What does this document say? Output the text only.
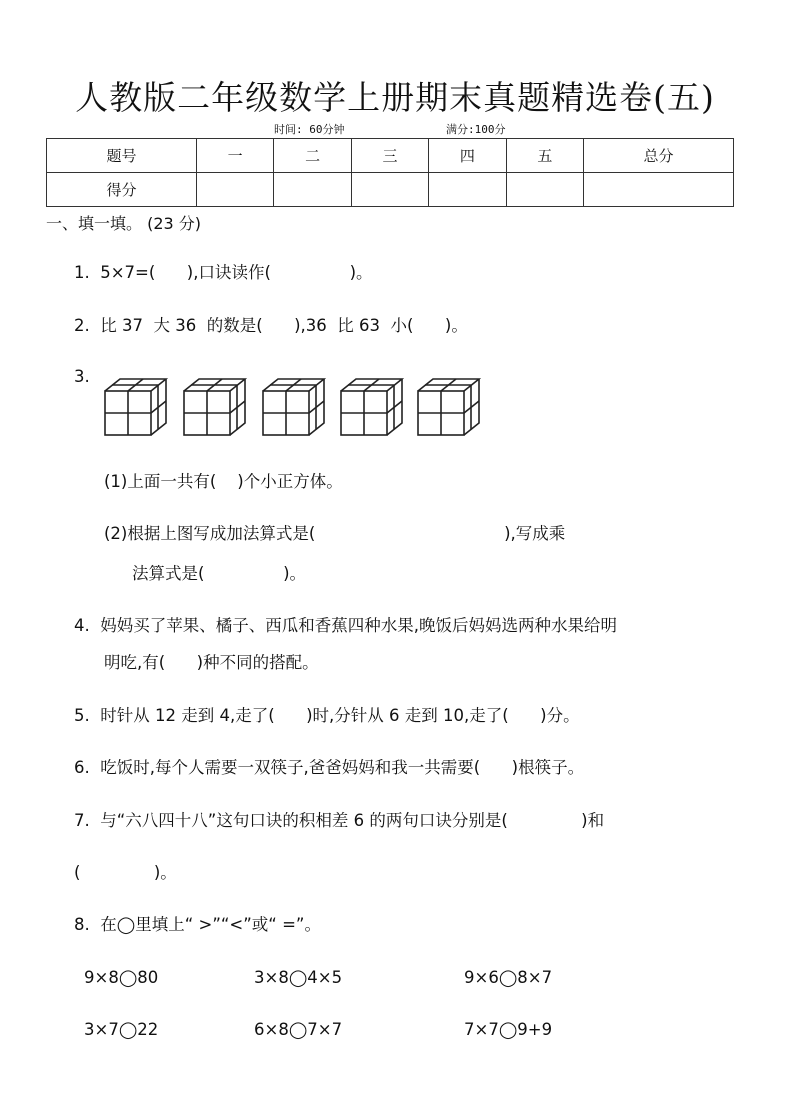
人教版二年级数学上册期末真题精选卷(五)
时间: 60分钟	满分:100分
题号	一	二	三	四	五	总分
得分						
一、填一填。 (23 分)
1.  5×7=(      ),口诀读作(               )。
2.  比 37  大 36  的数是(      ),36  比 63  小(      )。
3.
(1)上面一共有(    )个小正方体。
(2)根据上图写成加法算式是(                                    ),写成乘
法算式是(               )。
4.  妈妈买了苹果、橘子、西瓜和香蕉四种水果,晚饭后妈妈选两种水果给明
明吃,有(      )种不同的搭配。
5.  时针从 12 走到 4,走了(      )时,分针从 6 走到 10,走了(      )分。
6.  吃饭时,每个人需要一双筷子,爸爸妈妈和我一共需要(      )根筷子。
7.  与“六八四十八”这句口诀的积相差 6 的两句口诀分别是(              )和
(              )。
8.  在◯里填上“ >”“<”或“ =”。
9×8◯80	3×8◯4×5	9×6◯8×7
3×7◯22	6×8◯7×7	7×7◯9+9
